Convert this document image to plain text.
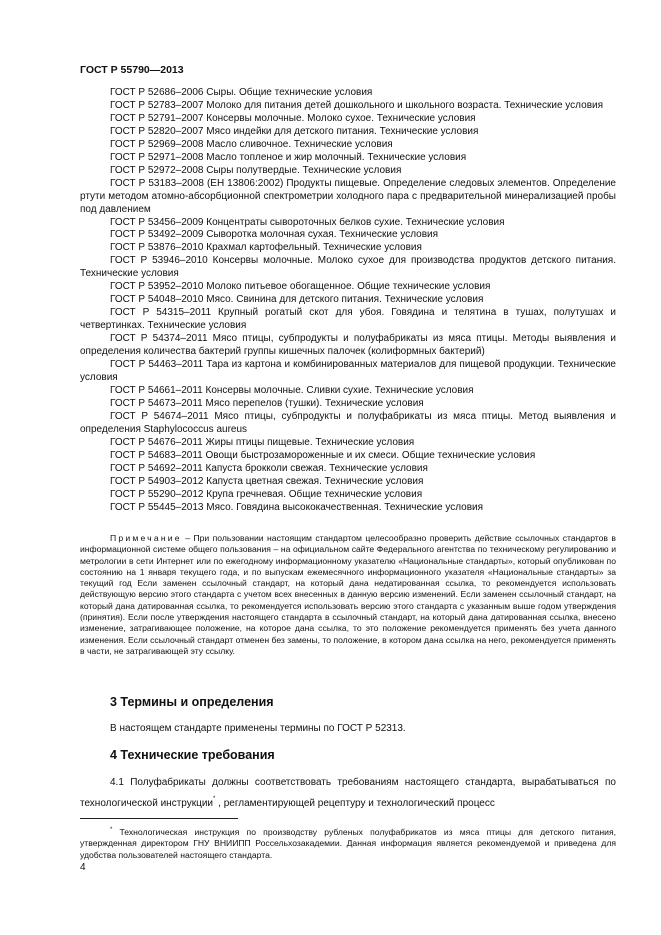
ГОСТ Р 55790—2013

ГОСТ Р 52686–2006 Сыры. Общие технические условия

ГОСТ Р 52783–2007 Молоко для питания детей дошкольного и школьного возраста. Технические условия

ГОСТ Р 52791–2007 Консервы молочные. Молоко сухое. Технические условия

ГОСТ Р 52820–2007 Мясо индейки для детского питания. Технические условия

ГОСТ Р 52969–2008 Масло сливочное. Технические условия

ГОСТ Р 52971–2008 Масло топленое и жир молочный. Технические условия

ГОСТ Р 52972–2008 Сыры полутвердые. Технические условия

ГОСТ Р 53183–2008 (ЕН 13806:2002) Продукты пищевые. Определение следовых элементов. Определение ртути методом атомно-абсорбционной спектрометрии холодного пара с предварительной минерализацией пробы под давлением

ГОСТ Р 53456–2009 Концентраты сывороточных белков сухие. Технические условия

ГОСТ Р 53492–2009 Сыворотка молочная сухая. Технические условия

ГОСТ Р 53876–2010 Крахмал картофельный. Технические условия

ГОСТ Р 53946–2010 Консервы молочные. Молоко сухое для производства продуктов детского питания. Технические условия

ГОСТ Р 53952–2010 Молоко питьевое обогащенное. Общие технические условия

ГОСТ Р 54048–2010 Мясо. Свинина для детского питания. Технические условия

ГОСТ Р 54315–2011 Крупный рогатый скот для убоя. Говядина и телятина в тушах, полутушах и четвертинках. Технические условия

ГОСТ Р 54374–2011 Мясо птицы, субпродукты и полуфабрикаты из мяса птицы. Методы выявления и определения количества бактерий группы кишечных палочек (колиформных бактерий)

ГОСТ Р 54463–2011 Тара из картона и комбинированных материалов для пищевой продукции. Технические условия

ГОСТ Р 54661–2011 Консервы молочные. Сливки сухие. Технические условия

ГОСТ Р 54673–2011 Мясо перепелов (тушки). Технические условия

ГОСТ Р 54674–2011 Мясо птицы, субпродукты и полуфабрикаты из мяса птицы. Метод выявления и определения Staphylococcus aureus

ГОСТ Р 54676–2011 Жиры птицы пищевые. Технические условия

ГОСТ Р 54683–2011 Овощи быстрозамороженные и их смеси. Общие технические условия

ГОСТ Р 54692–2011 Капуста брокколи свежая. Технические условия

ГОСТ Р 54903–2012 Капуста цветная свежая. Технические условия

ГОСТ Р 55290–2012 Крупа гречневая. Общие технические условия

ГОСТ Р 55445–2013 Мясо. Говядина высококачественная. Технические условия

Примечание – При пользовании настоящим стандартом целесообразно проверить действие ссылочных стандартов в информационной системе общего пользования – на официальном сайте Федерального агентства по техническому регулированию и метрологии в сети Интернет или по ежегодному информационному указателю «Национальные стандарты», который опубликован по состоянию на 1 января текущего года, и по выпускам ежемесячного информационного указателя «Национальные стандарты» за текущий год Если заменен ссылочный стандарт, на который дана недатированная ссылка, то рекомендуется использовать действующую версию этого стандарта с учетом всех внесенных в данную версию изменений. Если заменен ссылочный стандарт, на который дана датированная ссылка, то рекомендуется использовать версию этого стандарта с указанным выше годом утверждения (принятия). Если после утверждения настоящего стандарта в ссылочный стандарт, на который дана датированная ссылка, внесено изменение, затрагивающее положение, на которое дана ссылка, то это положение рекомендуется применять без учета данного изменения. Если ссылочный стандарт отменен без замены, то положение, в котором дана ссылка на него, рекомендуется применять в части, не затрагивающей эту ссылку.

3 Термины и определения

В настоящем стандарте применены термины по ГОСТ Р 52313.

4 Технические требования

4.1 Полуфабрикаты должны соответствовать требованиям настоящего стандарта, вырабатываться по технологической инструкции* , регламентирующей рецептуру и технологический процесс

* Технологическая инструкция по производству рубленых полуфабрикатов из мяса птицы для детского питания, утвержденная директором ГНУ ВНИИПП Россельхозакадемии. Данная информация является рекомендуемой и приведена для удобства пользователей настоящего стандарта.

4
